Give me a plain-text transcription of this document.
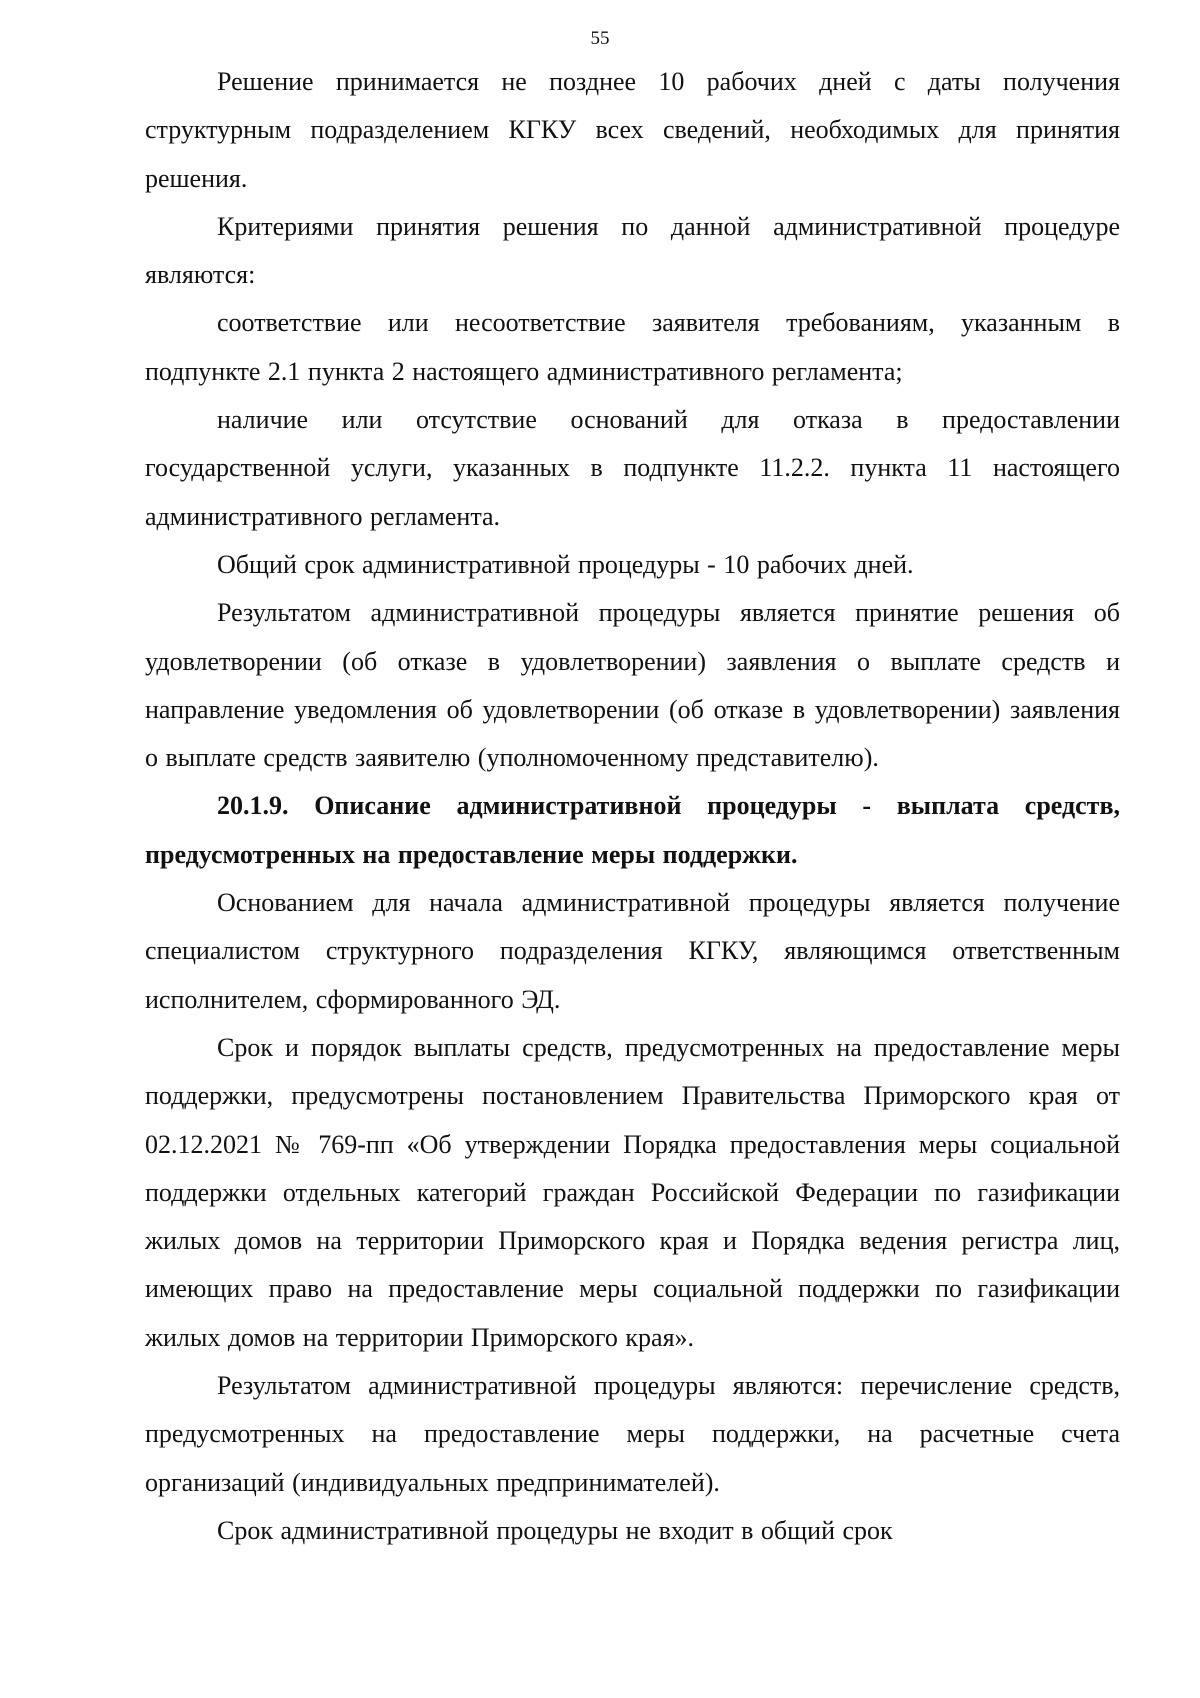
55

Решение принимается не позднее 10 рабочих дней с даты получения структурным подразделением КГКУ всех сведений, необходимых для принятия решения.

Критериями принятия решения по данной административной процедуре являются:

соответствие или несоответствие заявителя требованиям, указанным в подпункте 2.1 пункта 2 настоящего административного регламента;

наличие или отсутствие оснований для отказа в предоставлении государственной услуги, указанных в подпункте 11.2.2. пункта 11 настоящего административного регламента.

Общий срок административной процедуры - 10 рабочих дней.

Результатом административной процедуры является принятие решения об удовлетворении (об отказе в удовлетворении) заявления о выплате средств и направление уведомления об удовлетворении (об отказе в удовлетворении) заявления о выплате средств заявителю (уполномоченному представителю).

20.1.9. Описание административной процедуры - выплата средств, предусмотренных на предоставление меры поддержки.

Основанием для начала административной процедуры является получение специалистом структурного подразделения КГКУ, являющимся ответственным исполнителем, сформированного ЭД.

Срок и порядок выплаты средств, предусмотренных на предоставление меры поддержки, предусмотрены постановлением Правительства Приморского края от 02.12.2021 № 769-пп «Об утверждении Порядка предоставления меры социальной поддержки отдельных категорий граждан Российской Федерации по газификации жилых домов на территории Приморского края и Порядка ведения регистра лиц, имеющих право на предоставление меры социальной поддержки по газификации жилых домов на территории Приморского края».

Результатом административной процедуры являются: перечисление средств, предусмотренных на предоставление меры поддержки, на расчетные счета организаций (индивидуальных предпринимателей).

Срок административной процедуры не входит в общий срок
